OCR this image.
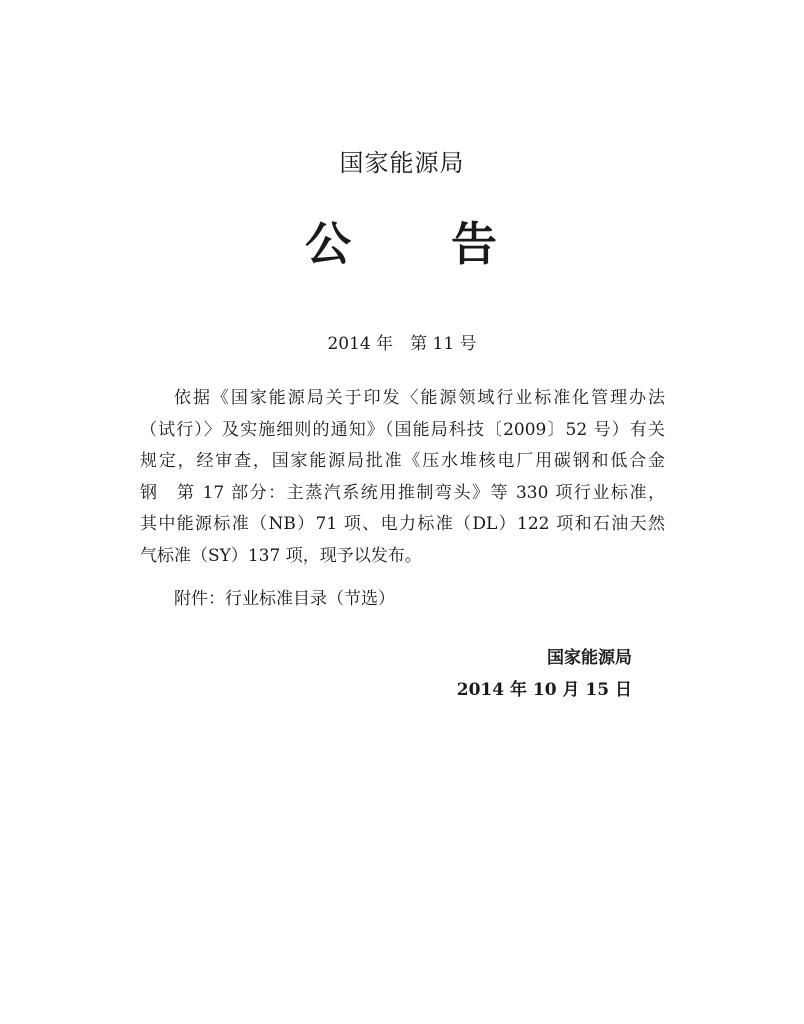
国家能源局
公 告
2014 年　第 11 号
依据《国家能源局关于印发〈能源领域行业标准化管理办法
（试行）〉及实施细则的通知》（国能局科技〔2009〕52 号）有关
规定，经审查，国家能源局批准《压水堆核电厂用碳钢和低合金
钢　第 17 部分：主蒸汽系统用推制弯头》等 330 项行业标准，
其中能源标准（NB）71 项、电力标准（DL）122 项和石油天然
气标准（SY）137 项，现予以发布。
附件：行业标准目录（节选）
国家能源局
2014 年 10 月 15 日
